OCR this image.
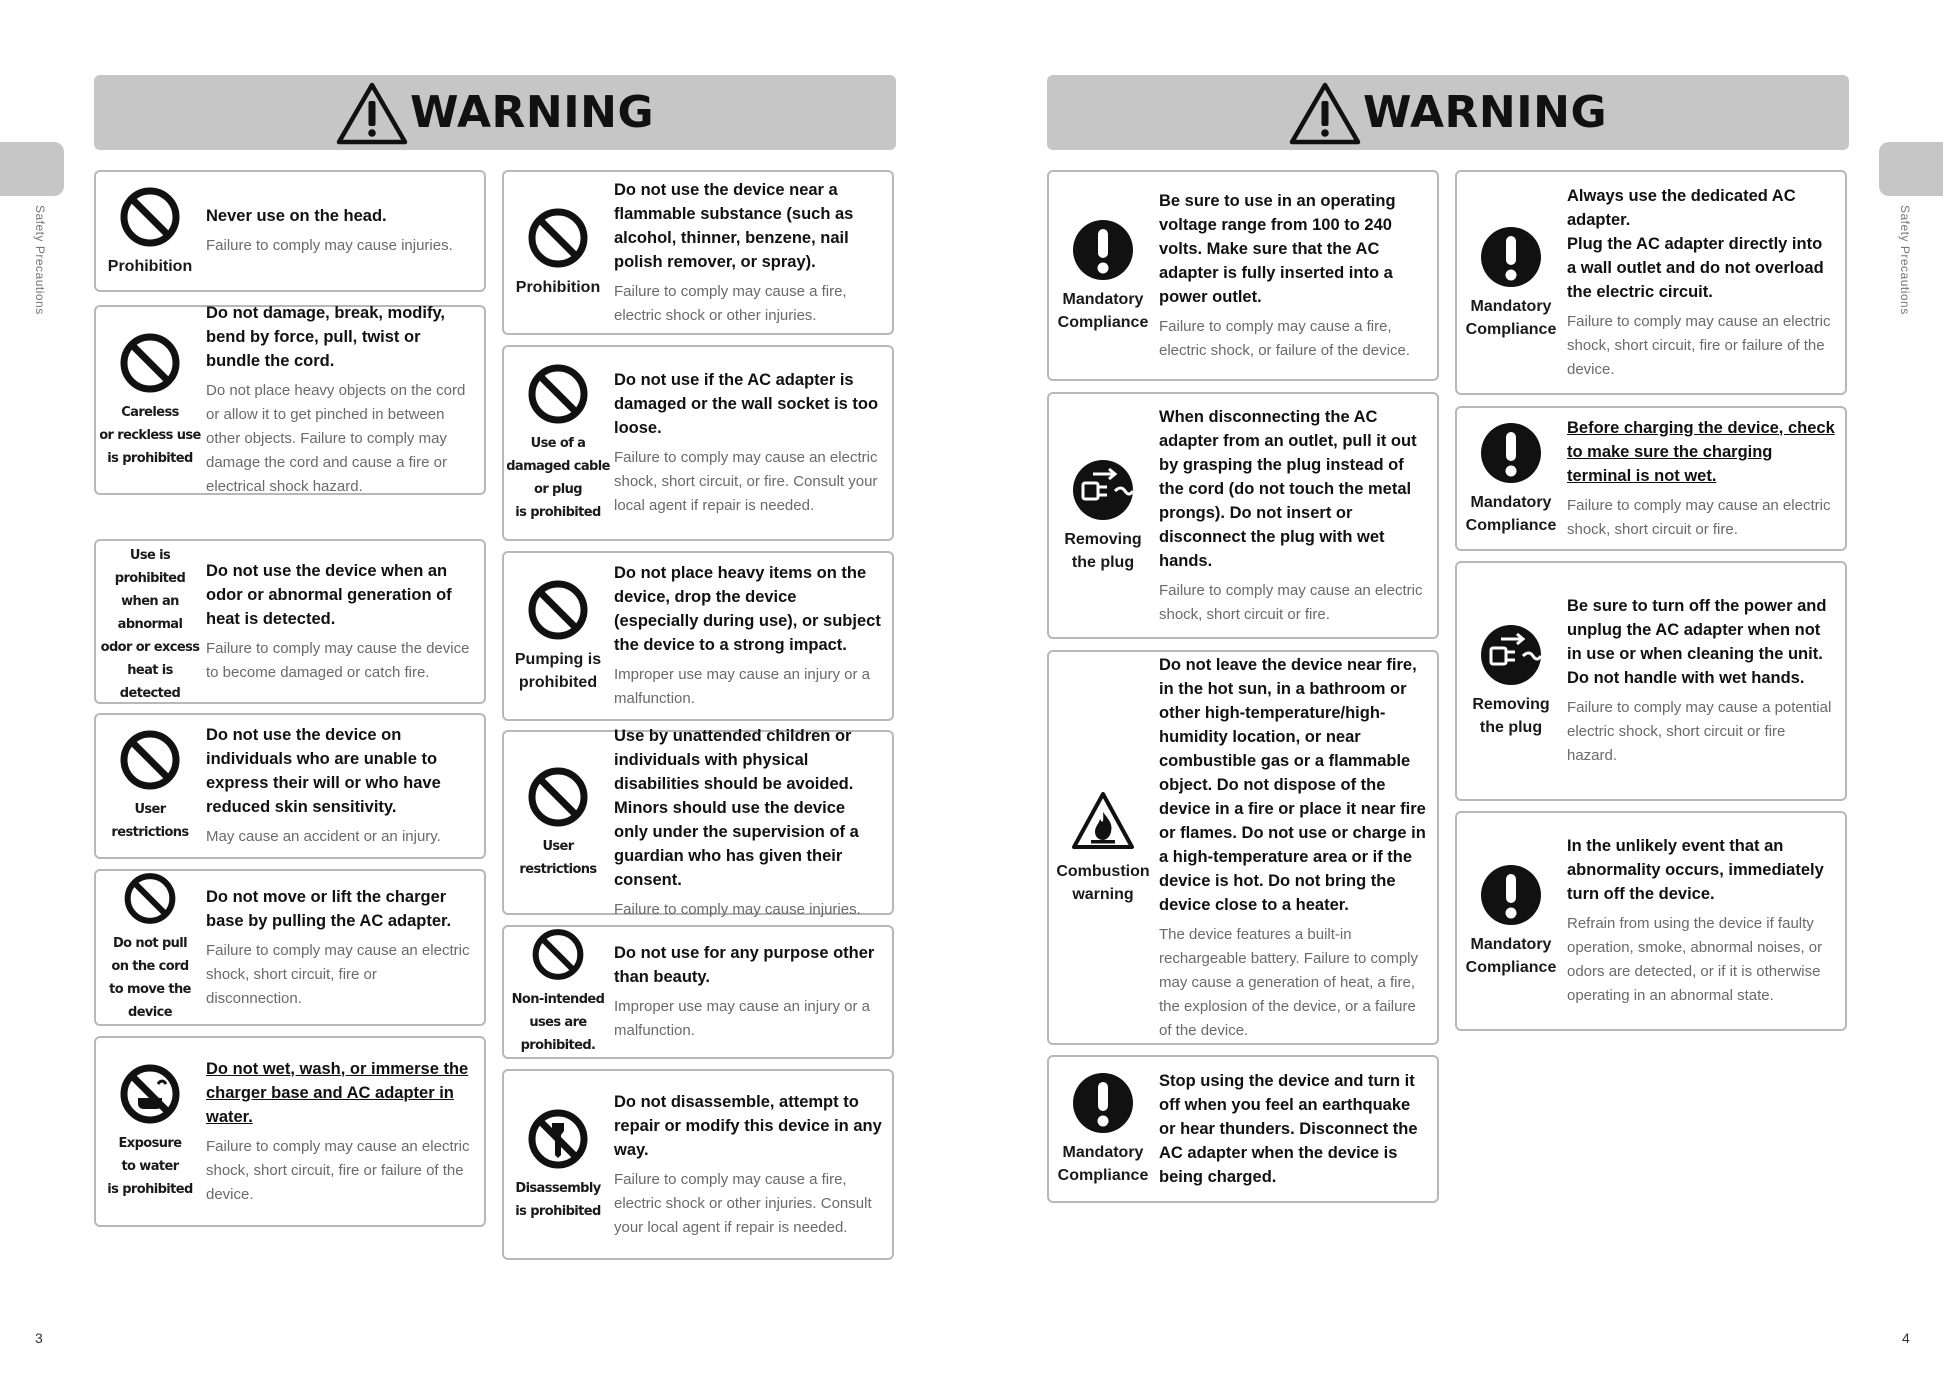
Safety Precautions	Safety Precautions
WARNING
Prohibition
Never use on the head.
Failure to comply may cause injuries.
Careless
or reckless use
is prohibited
Do not damage, break, modify, bend by force, pull, twist or bundle the cord.
Do not place heavy objects on the cord or allow it to get pinched in between other objects. Failure to comply may damage the cord and cause a fire or electrical shock hazard.
Use is prohibited
when an abnormal
odor or excess
heat is detected
Do not use the device when an odor or abnormal generation of heat is detected.
Failure to comply may cause the device to become damaged or catch fire.
User
restrictions
Do not use the device on individuals who are unable to express their will or who have reduced skin sensitivity.
May cause an accident or an injury.
Do not pull
on the cord
to move the
device
Do not move or lift the charger base by pulling the AC adapter.
Failure to comply may cause an electric shock, short circuit, fire or disconnection.
Exposure
to water
is prohibited
Do not wet, wash, or immerse the charger base and AC adapter in water.
Failure to comply may cause an electric shock, short circuit, fire or failure of the device.
Prohibition
Do not use the device near a flammable substance (such as alcohol, thinner, benzene, nail polish remover, or spray).
Failure to comply may cause a fire, electric shock or other injuries.
Use of a
damaged cable
or plug
is prohibited
Do not use if the AC adapter is damaged or the wall socket is too loose.
Failure to comply may cause an electric shock, short circuit, or fire. Consult your local agent if repair is needed.
Pumping is
prohibited
Do not place heavy items on the device, drop the device (especially during use), or subject the device to a strong impact.
Improper use may cause an injury or a malfunction.
User
restrictions
Use by unattended children or individuals with physical disabilities should be avoided. Minors should use the device only under the supervision of a guardian who has given their consent.
Failure to comply may cause injuries.
Non-intended
uses are
prohibited.
Do not use for any purpose other than beauty.
Improper use may cause an injury or a malfunction.
Disassembly
is prohibited
Do not disassemble, attempt to repair or modify this device in any way.
Failure to comply may cause a fire, electric shock or other injuries. Consult your local agent if repair is needed.
3
WARNING
Mandatory
Compliance
Be sure to use in an operating voltage range from 100 to 240 volts. Make sure that the AC adapter is fully inserted into a power outlet.
Failure to comply may cause a fire, electric shock, or failure of the device.
Removing
the plug
When disconnecting the AC adapter from an outlet, pull it out by grasping the plug instead of the cord (do not touch the metal prongs). Do not insert or disconnect the plug with wet hands.
Failure to comply may cause an electric shock, short circuit or fire.
Combustion
warning
Do not leave the device near fire, in the hot sun, in a bathroom or other high-temperature/high-humidity location, or near combustible gas or a flammable object. Do not dispose of the device in a fire or place it near fire or flames. Do not use or charge in a high-temperature area or if the device is hot. Do not bring the device close to a heater.
The device features a built-in rechargeable battery. Failure to comply may cause a generation of heat, a fire, the explosion of the device, or a failure of the device.
Mandatory
Compliance
Stop using the device and turn it off when you feel an earthquake or hear thunders. Disconnect the AC adapter when the device is being charged.
Mandatory
Compliance
Always use the dedicated AC adapter.
Plug the AC adapter directly into a wall outlet and do not overload the electric circuit.
Failure to comply may cause an electric shock, short circuit, fire or failure of the device.
Mandatory
Compliance
Before charging the device, check to make sure the charging terminal is not wet.
Failure to comply may cause an electric shock, short circuit or fire.
Removing
the plug
Be sure to turn off the power and unplug the AC adapter when not in use or when cleaning the unit. Do not handle with wet hands.
Failure to comply may cause a potential electric shock, short circuit or fire hazard.
Mandatory
Compliance
In the unlikely event that an abnormality occurs, immediately turn off the device.
Refrain from using the device if faulty operation, smoke, abnormal noises, or odors are detected, or if it is otherwise operating in an abnormal state.
4
